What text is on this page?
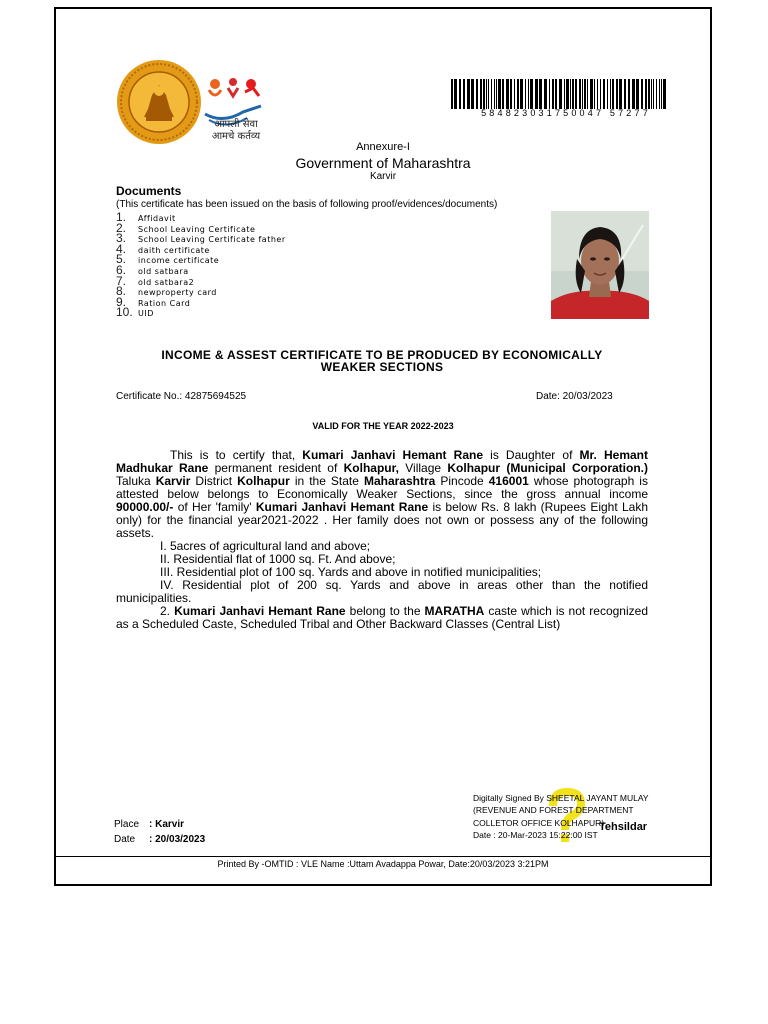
आपली सेवा
आमचे कर्तव्य
584823031750047 57277
Annexure-I
Government of Maharashtra
Karvir
Documents
(This certificate has been issued on the basis of following proof/evidences/documents)
1. Affidavit
2. School Leaving Certificate
3. School Leaving Certificate father
4. daith certificate
5. income certificate
6. old satbara
7. old satbara2
8. newproperty card
9. Ration Card
10. UID
INCOME & ASSEST CERTIFICATE TO BE PRODUCED BY ECONOMICALLY
WEAKER SECTIONS
Certificate No.: 42875694525	Date: 20/03/2023
VALID FOR THE YEAR 2022-2023

This is to certify that, Kumari Janhavi Hemant Rane is Daughter of Mr. Hemant Madhukar Rane permanent resident of Kolhapur, Village Kolhapur (Municipal Corporation.) Taluka Karvir District Kolhapur in the State Maharashtra Pincode 416001 whose photograph is attested below belongs to Economically Weaker Sections, since the gross annual income 90000.00/- of Her 'family' Kumari Janhavi Hemant Rane is below Rs. 8 lakh (Rupees Eight Lakh only) for the financial year2021-2022 . Her family does not own or possess any of the following assets.

I. 5acres of agricultural land and above;

II. Residential flat of 1000 sq. Ft. And above;

III. Residential plot of 100 sq. Yards and above in notified municipalities;

IV. Residential plot of 200 sq. Yards and above in areas other than the notified municipalities.

2. Kumari Janhavi Hemant Rane belong to the MARATHA caste which is not recognized as a Scheduled Caste, Scheduled Tribal and Other Backward Classes (Central List)

Digitally Signed By SHEETAL JAYANT MULAY
(REVENUE AND FOREST DEPARTMENT
COLLETOR OFFICE KOLHAPUR)
Date : 20-Mar-2023 15:22:00 IST
Tehsildar
Place : Karvir
Date : 20/03/2023
Printed By -OMTID : VLE Name :Uttam Avadappa Powar, Date:20/03/2023 3:21PM
